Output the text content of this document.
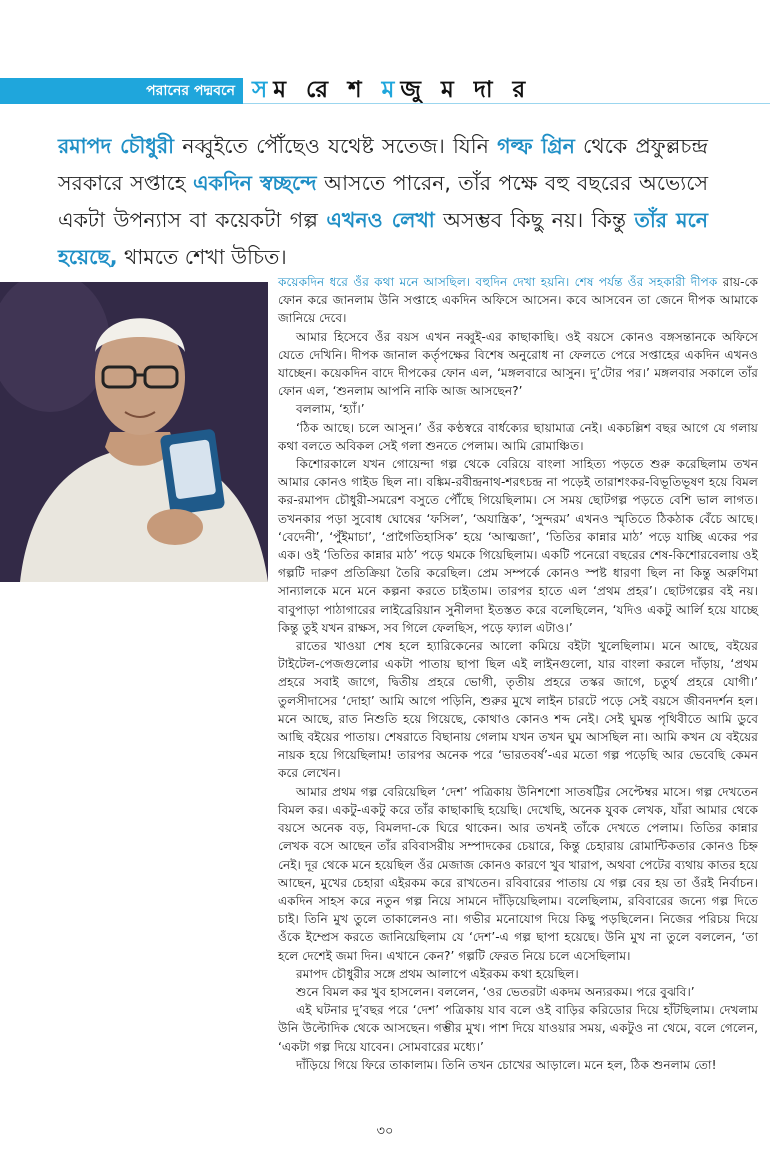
পরানের পদ্মবনে সম রে শ মজু ম দা র
রমাপদ চৌধুরী নব্বুইতে পৌঁছেও যথেষ্ট সতেজ। যিনি গল্ফ গ্রিন থেকে প্রফুল্লচন্দ্র সরকারে সপ্তাহে একদিন স্বচ্ছন্দে আসতে পারেন, তাঁর পক্ষে বহু বছরের অভ্যেসে একটা উপন্যাস বা কয়েকটা গল্প এখনও লেখা অসম্ভব কিছু নয়। কিন্তু তাঁর মনে হয়েছে, থামতে শেখা উচিত।

কয়েকদিন ধরে ওঁর কথা মনে আসছিল। বহুদিন দেখা হয়নি। শেষ পর্যন্ত ওঁর সহকারী দীপক রায়-কে ফোন করে জানলাম উনি সপ্তাহে একদিন অফিসে আসেন। কবে আসবেন তা জেনে দীপক আমাকে জানিয়ে দেবে।

আমার হিসেবে ওঁর বয়স এখন নব্বুই-এর কাছাকাছি। ওই বয়সে কোনও বঙ্গসন্তানকে অফিসে যেতে দেখিনি। দীপক জানাল কর্তৃপক্ষের বিশেষ অনুরোধ না ফেলতে পেরে সপ্তাহের একদিন এখনও যাচ্ছেন। কয়েকদিন বাদে দীপকের ফোন এল, ‘মঙ্গলবারে আসুন। দু’টোর পর।’ মঙ্গলবার সকালে তাঁর ফোন এল, ‘শুনলাম আপনি নাকি আজ আসছেন?’

বললাম, ‘হ্যাঁ।’

‘ঠিক আছে। চলে আসুন।’ ওঁর কণ্ঠস্বরে বার্ধক্যের ছায়ামাত্র নেই। একচল্লিশ বছর আগে যে গলায় কথা বলতে অবিকল সেই গলা শুনতে পেলাম। আমি রোমাঞ্চিত।

কিশোরকালে যখন গোয়েন্দা গল্প থেকে বেরিয়ে বাংলা সাহিত্য পড়তে শুরু করেছিলাম তখন আমার কোনও গাইড ছিল না। বঙ্কিম-রবীন্দ্রনাথ-শরৎচন্দ্র না পড়েই তারাশংকর-বিভূতিভূষণ হয়ে বিমল কর-রমাপদ চৌধুরী-সমরেশ বসুতে পৌঁছে গিয়েছিলাম। সে সময় ছোটগল্প পড়তে বেশি ভাল লাগত। তখনকার পড়া সুবোধ ঘোষের ‘ফসিল’, ‘অযান্ত্রিক’, ‘সুন্দরম’ এখনও স্মৃতিতে ঠিকঠাক বেঁচে আছে। ‘বেদেনী’, ‘পুঁইমাচা’, ‘প্রাগৈতিহাসিক’ হয়ে ‘আত্মজা’, ‘তিতির কান্নার মাঠ’ পড়ে যাচ্ছি একের পর এক। ওই ‘তিতির কান্নার মাঠ’ পড়ে থমকে গিয়েছিলাম। একটি পনেরো বছরের শেষ-কিশোরবেলায় ওই গল্পটি দারুণ প্রতিক্রিয়া তৈরি করেছিল। প্রেম সম্পর্কে কোনও স্পষ্ট ধারণা ছিল না কিন্তু অরুণিমা সান্যালকে মনে মনে কল্পনা করতে চাইতাম। তারপর হাতে এল ‘প্রথম প্রহর’। ছোটগল্পের বই নয়। বাবুপাড়া পাঠাগারের লাইব্রেরিয়ান সুনীলদা ইতস্তত করে বলেছিলেন, ‘যদিও একটু আর্লি হয়ে যাচ্ছে কিন্তু তুই যখন রাক্ষস, সব গিলে ফেলছিস, পড়ে ফ্যাল এটাও।’

রাতের খাওয়া শেষ হলে হ্যারিকেনের আলো কমিয়ে বইটা খুলেছিলাম। মনে আছে, বইয়ের টাইটেল-পেজগুলোর একটা পাতায় ছাপা ছিল এই লাইনগুলো, যার বাংলা করলে দাঁড়ায়, ‘প্রথম প্রহরে সবাই জাগে, দ্বিতীয় প্রহরে ভোগী, তৃতীয় প্রহরে তস্কর জাগে, চতুর্থ প্রহরে যোগী।’ তুলসীদাসের ‘দোহা’ আমি আগে পড়িনি, শুরুর মুখে লাইন চারটে পড়ে সেই বয়সে জীবনদর্শন হল। মনে আছে, রাত নিশুতি হয়ে গিয়েছে, কোথাও কোনও শব্দ নেই। সেই ঘুমন্ত পৃথিবীতে আমি ডুবে আছি বইয়ের পাতায়। শেষরাতে বিছানায় গেলাম যখন তখন ঘুম আসছিল না। আমি কখন যে বইয়ের নায়ক হয়ে গিয়েছিলাম! তারপর অনেক পরে ‘ভারতবর্ষ’-এর মতো গল্প পড়েছি আর ভেবেছি কেমন করে লেখেন।

আমার প্রথম গল্প বেরিয়েছিল ‘দেশ’ পত্রিকায় উনিশশো সাতষট্টির সেপ্টেম্বর মাসে। গল্প দেখতেন বিমল কর। একটু-একটু করে তাঁর কাছাকাছি হয়েছি। দেখেছি, অনেক যুবক লেখক, যাঁরা আমার থেকে বয়সে অনেক বড়, বিমলদা-কে ঘিরে থাকেন। আর তখনই তাঁকে দেখতে পেলাম। তিতির কান্নার লেখক বসে আছেন তাঁর রবিবাসরীয় সম্পাদকের চেয়ারে, কিন্তু চেহারায় রোমান্টিকতার কোনও চিহ্ন নেই। দূর থেকে মনে হয়েছিল ওঁর মেজাজ কোনও কারণে খুব খারাপ, অথবা পেটের ব্যথায় কাতর হয়ে আছেন, মুখের চেহারা এইরকম করে রাখতেন। রবিবারের পাতায় যে গল্প বের হয় তা ওঁরই নির্বাচন। একদিন সাহস করে নতুন গল্প নিয়ে সামনে দাঁড়িয়েছিলাম। বলেছিলাম, রবিবারের জন্যে গল্প দিতে চাই। তিনি মুখ তুলে তাকালেনও না। গভীর মনোযোগ দিয়ে কিছু পড়ছিলেন। নিজের পরিচয় দিয়ে ওঁকে ইম্প্রেস করতে জানিয়েছিলাম যে ‘দেশ’-এ গল্প ছাপা হয়েছে। উনি মুখ না তুলে বললেন, ‘তা হলে দেশেই জমা দিন। এখানে কেন?’ গল্পটি ফেরত নিয়ে চলে এসেছিলাম।

রমাপদ চৌধুরীর সঙ্গে প্রথম আলাপে এইরকম কথা হয়েছিল।

শুনে বিমল কর খুব হাসলেন। বললেন, ‘ওর ভেতরটা একদম অন্যরকম। পরে বুঝবি।’

এই ঘটনার দু’বছর পরে ‘দেশ’ পত্রিকায় যাব বলে ওই বাড়ির করিডোর দিয়ে হাঁটছিলাম। দেখলাম উনি উল্টোদিক থেকে আসছেন। গম্ভীর মুখ। পাশ দিয়ে যাওয়ার সময়, একটুও না থেমে, বলে গেলেন, ‘একটা গল্প দিয়ে যাবেন। সোমবারের মধ্যে।’

দাঁড়িয়ে গিয়ে ফিরে তাকালাম। তিনি তখন চোখের আড়ালে। মনে হল, ঠিক শুনলাম তো!

৩০
